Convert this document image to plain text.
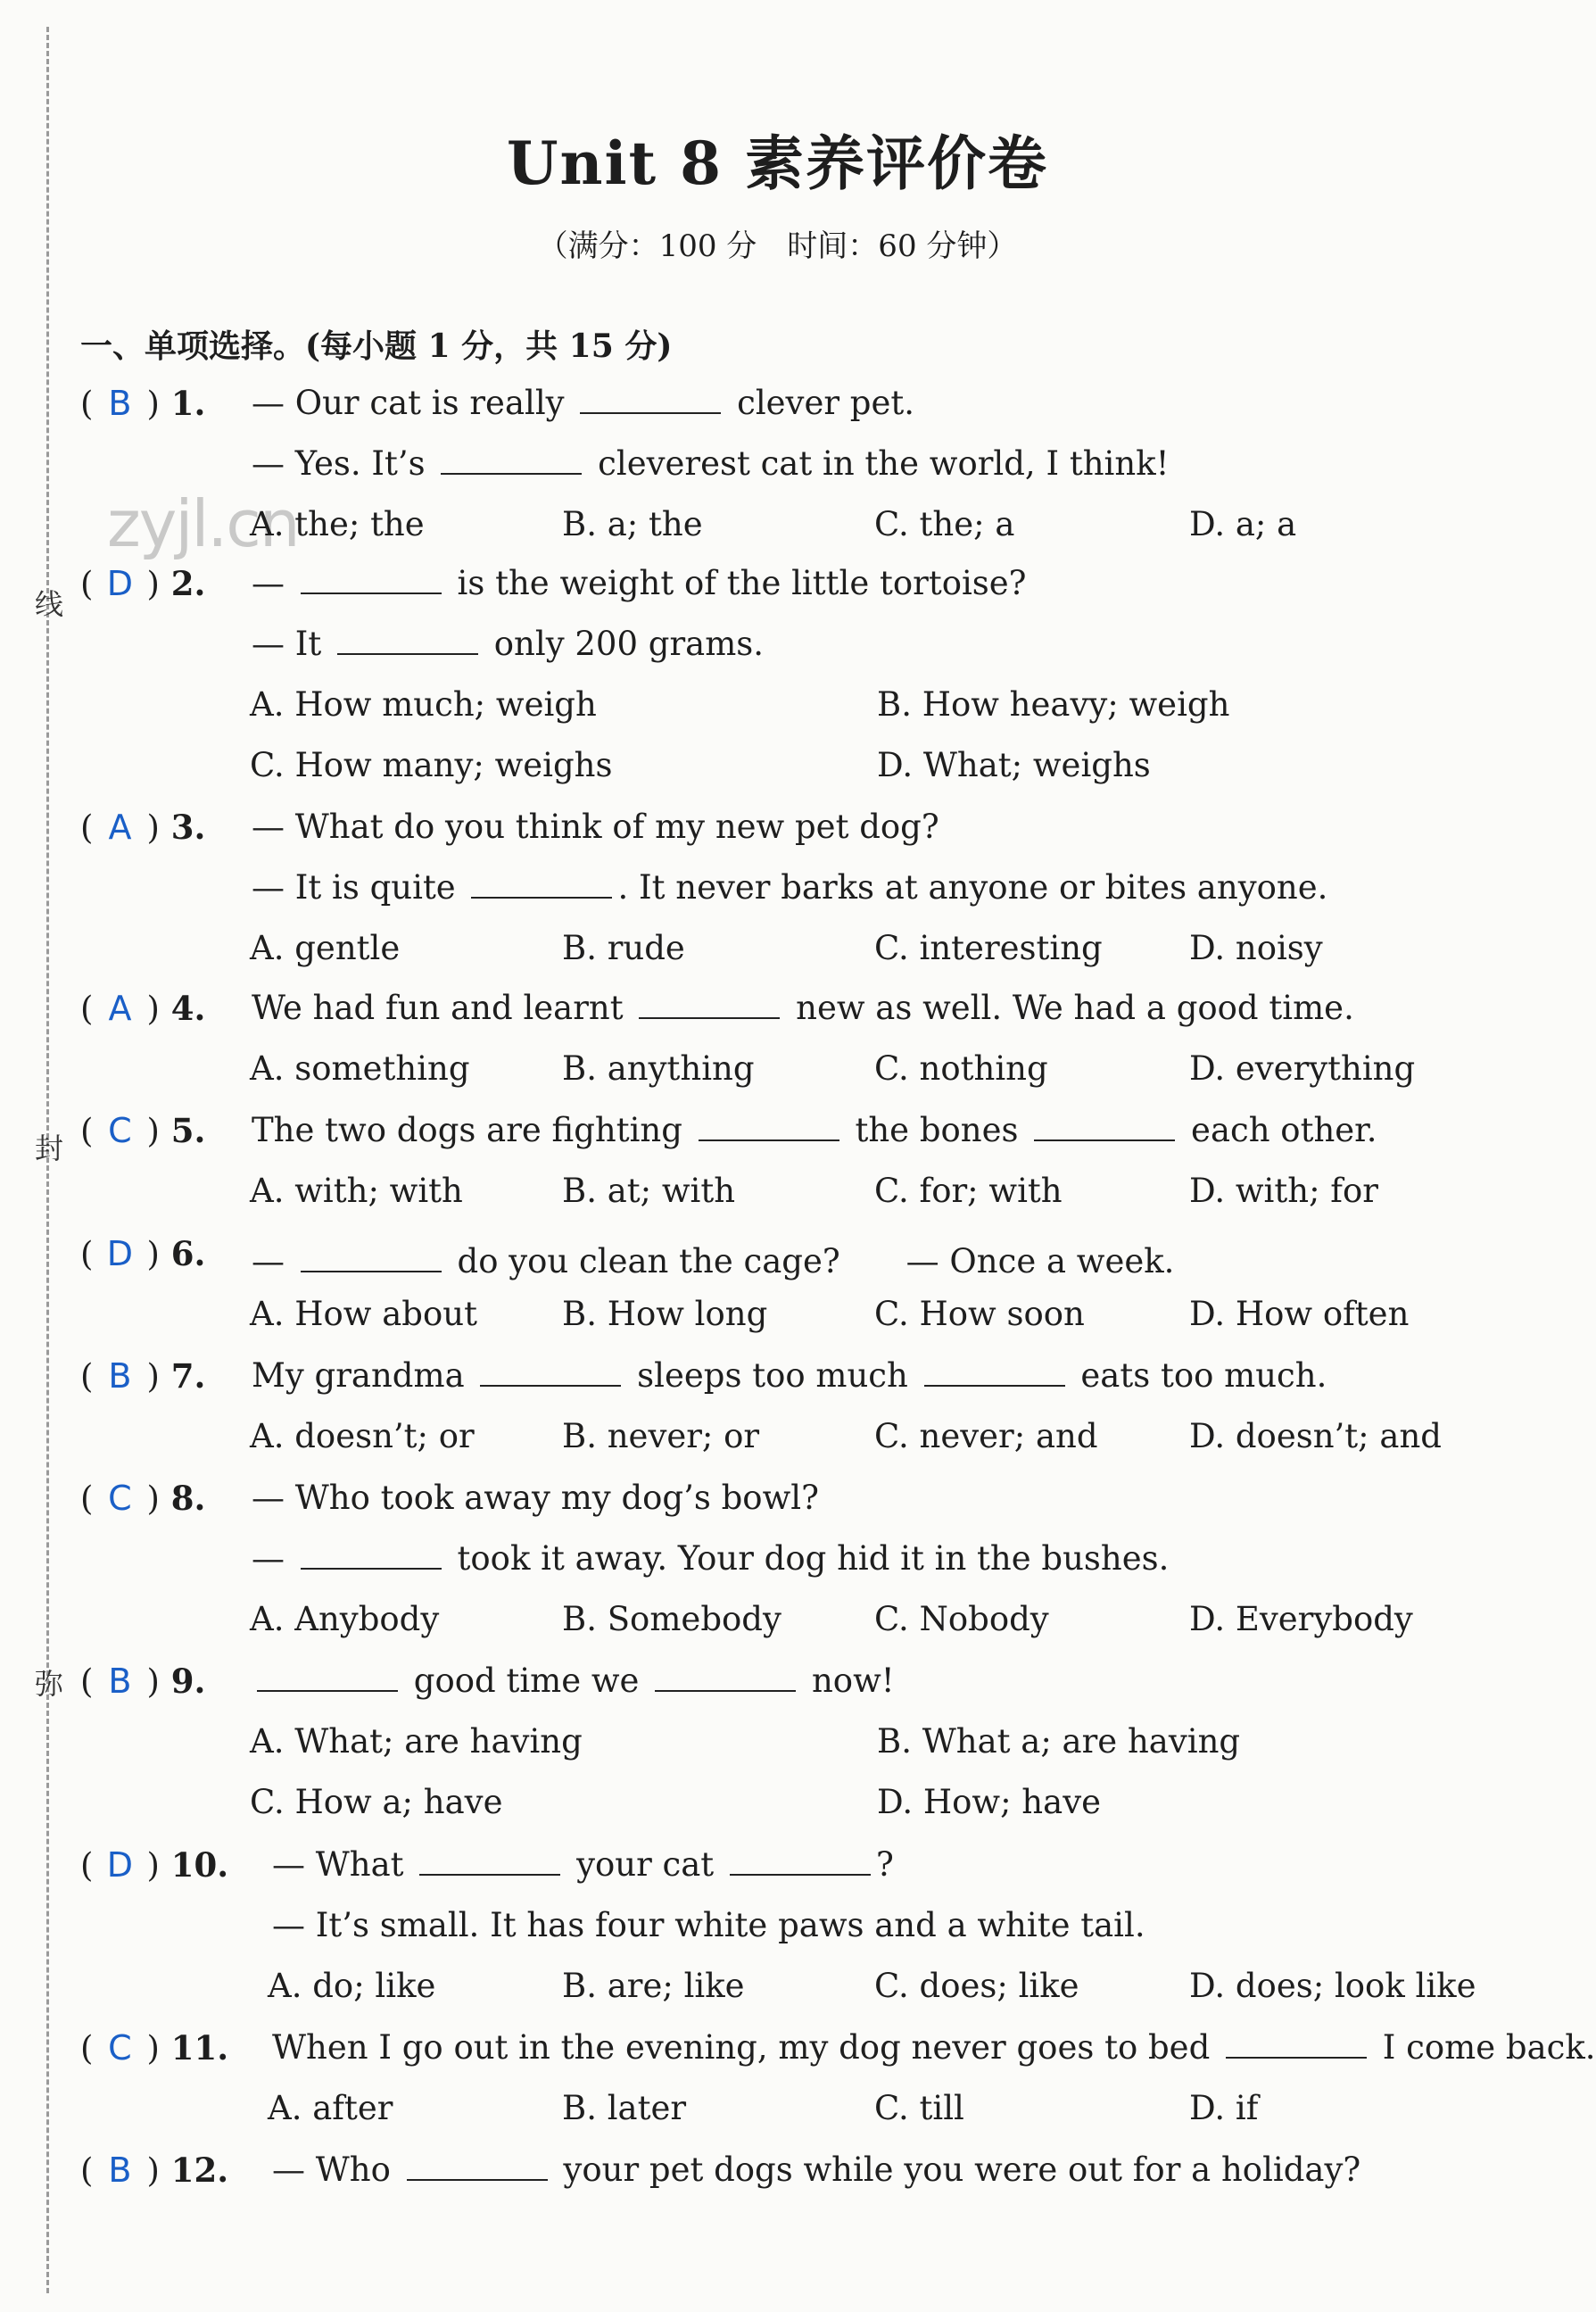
线
封
弥
zyjl.cn
Unit 8 素养评价卷
（满分：100 分　时间：60 分钟）
一、单项选择。(每小题 1 分，共 15 分)
( B ) 1. — Our cat is really	clever pet.
— Yes. It’s	cleverest cat in the world, I think!
A. the; the	B. a; the	C. the; a	D. a; a
( D ) 2. —	is the weight of the little tortoise?
— It	only 200 grams.
A. How much; weigh	B. How heavy; weigh
C. How many; weighs	D. What; weighs
( A ) 3. — What do you think of my new pet dog?
— It is quite	. It never barks at anyone or bites anyone.
A. gentle	B. rude	C. interesting	D. noisy
( A ) 4. We had fun and learnt	new as well. We had a good time.
A. something	B. anything	C. nothing	D. everything
( C ) 5. The two dogs are fighting	the bones	each other.
A. with; with	B. at; with	C. for; with	D. with; for
( D ) 6. —	do you clean the cage?　　— Once a week.
A. How about	B. How long	C. How soon	D. How often
( B ) 7. My grandma	sleeps too much	eats too much.
A. doesn’t; or	B. never; or	C. never; and	D. doesn’t; and
( C ) 8. — Who took away my dog’s bowl?
—	took it away. Your dog hid it in the bushes.
A. Anybody	B. Somebody	C. Nobody	D. Everybody
( B ) 9.	good time we	now!
A. What; are having	B. What a; are having
C. How a; have	D. How; have
( D ) 10. — What	your cat	?
— It’s small. It has four white paws and a white tail.
A. do; like	B. are; like	C. does; like	D. does; look like
( C ) 11. When I go out in the evening, my dog never goes to bed	I come back.
A. after	B. later	C. till	D. if
( B ) 12. — Who	your pet dogs while you were out for a holiday?
